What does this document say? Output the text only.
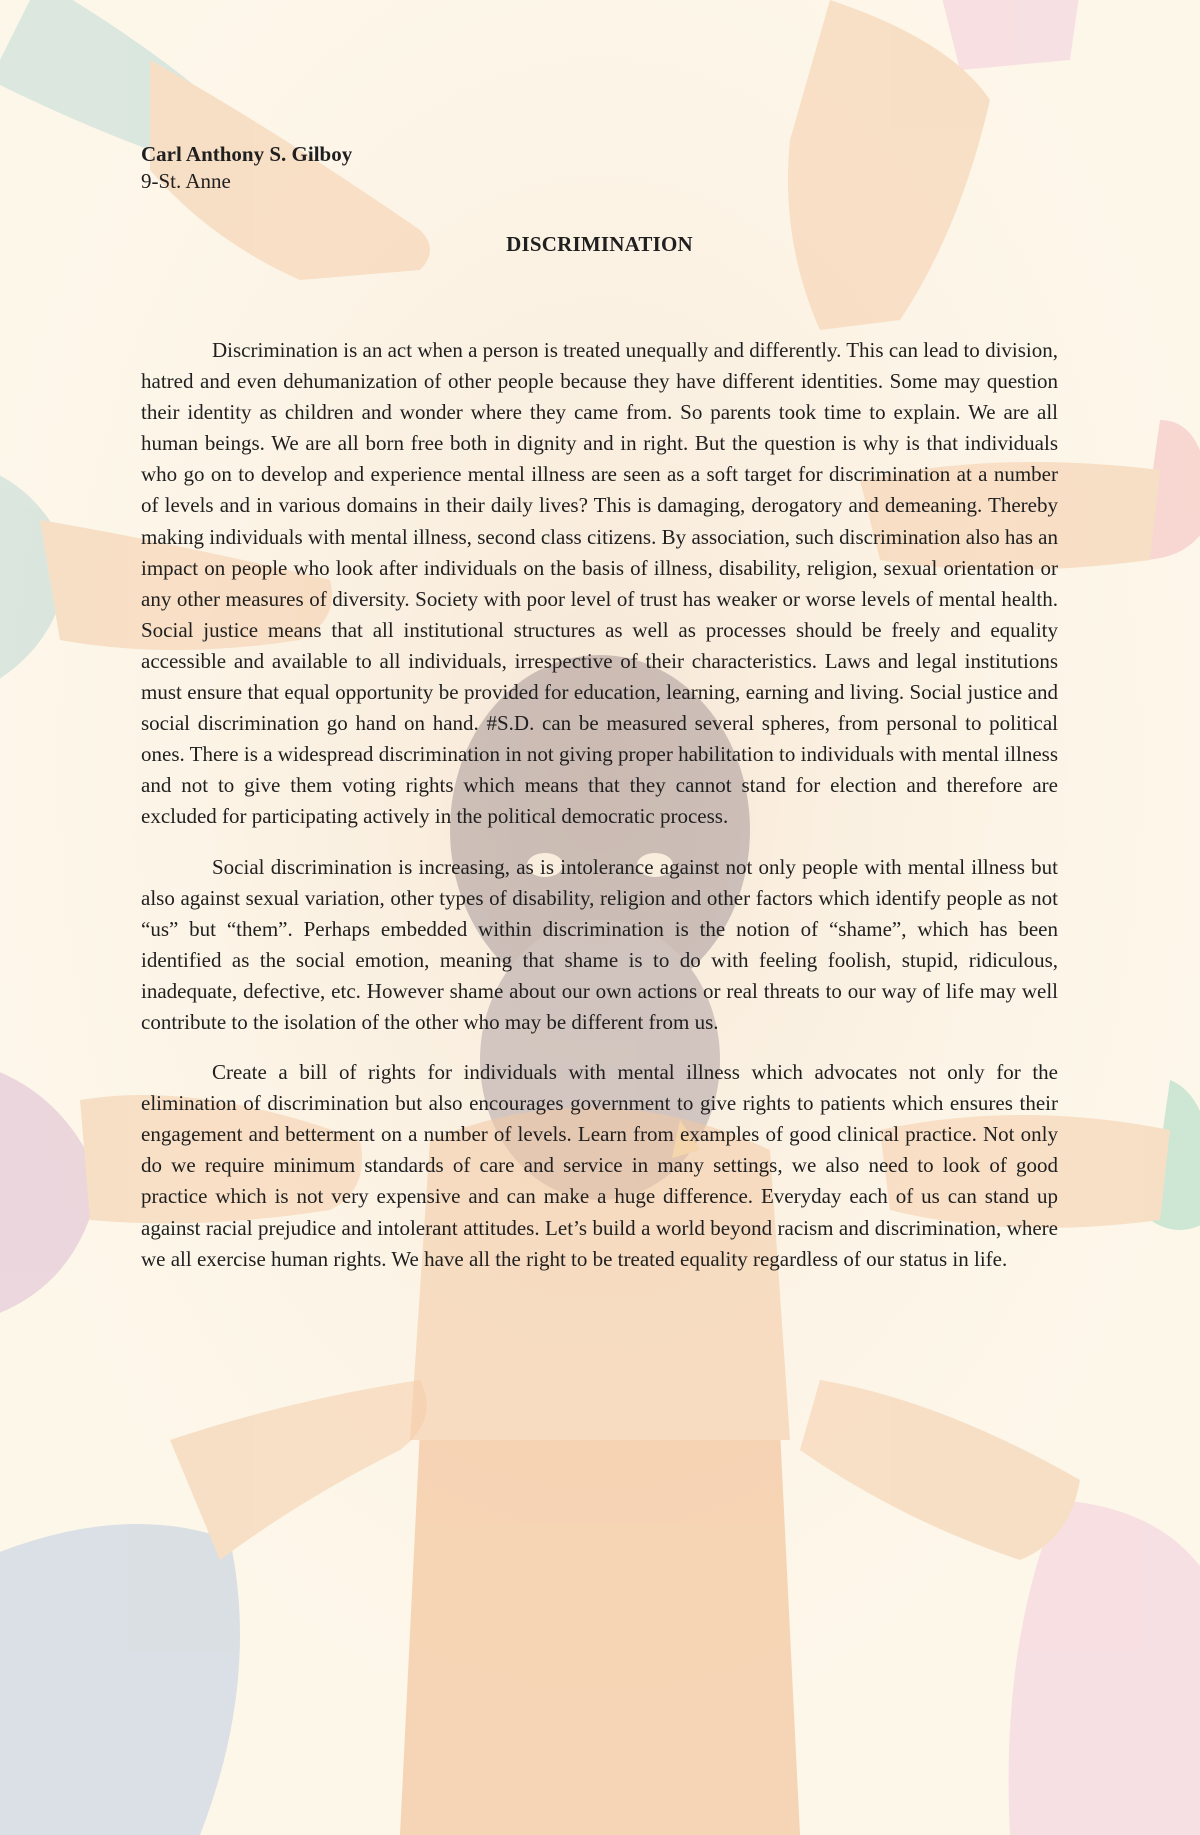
Carl Anthony S. Gilboy
9-St. Anne
DISCRIMINATION

Discrimination is an act when a person is treated unequally and differently. This can lead to division, hatred and even dehumanization of other people because they have different identities. Some may question their identity as children and wonder where they came from. So parents took time to explain. We are all human beings. We are all born free both in dignity and in right. But the question is why is that individuals who go on to develop and experience mental illness are seen as a soft target for discrimination at a number of levels and in various domains in their daily lives? This is damaging, derogatory and demeaning. Thereby making individuals with mental illness, second class citizens. By association, such discrimination also has an impact on people who look after individuals on the basis of illness, disability, religion, sexual orientation or any other measures of diversity. Society with poor level of trust has weaker or worse levels of mental health. Social justice means that all institutional structures as well as processes should be freely and equality accessible and available to all individuals, irrespective of their characteristics. Laws and legal institutions must ensure that equal opportunity be provided for education, learning, earning and living. Social justice and social discrimination go hand on hand. #S.D. can be measured several spheres, from personal to political ones. There is a widespread discrimination in not giving proper habilitation to individuals with mental illness and not to give them voting rights which means that they cannot stand for election and therefore are excluded for participating actively in the political democratic process.

Social discrimination is increasing, as is intolerance against not only people with mental illness but also against sexual variation, other types of disability, religion and other factors which identify people as not “us” but “them”. Perhaps embedded within discrimination is the notion of “shame”, which has been identified as the social emotion, meaning that shame is to do with feeling foolish, stupid, ridiculous, inadequate, defective, etc. However shame about our own actions or real threats to our way of life may well contribute to the isolation of the other who may be different from us.

Create a bill of rights for individuals with mental illness which advocates not only for the elimination of discrimination but also encourages government to give rights to patients which ensures their engagement and betterment on a number of levels. Learn from examples of good clinical practice. Not only do we require minimum standards of care and service in many settings, we also need to look of good practice which is not very expensive and can make a huge difference. Everyday each of us can stand up against racial prejudice and intolerant attitudes. Let’s build a world beyond racism and discrimination, where we all exercise human rights. We have all the right to be treated equality regardless of our status in life.
